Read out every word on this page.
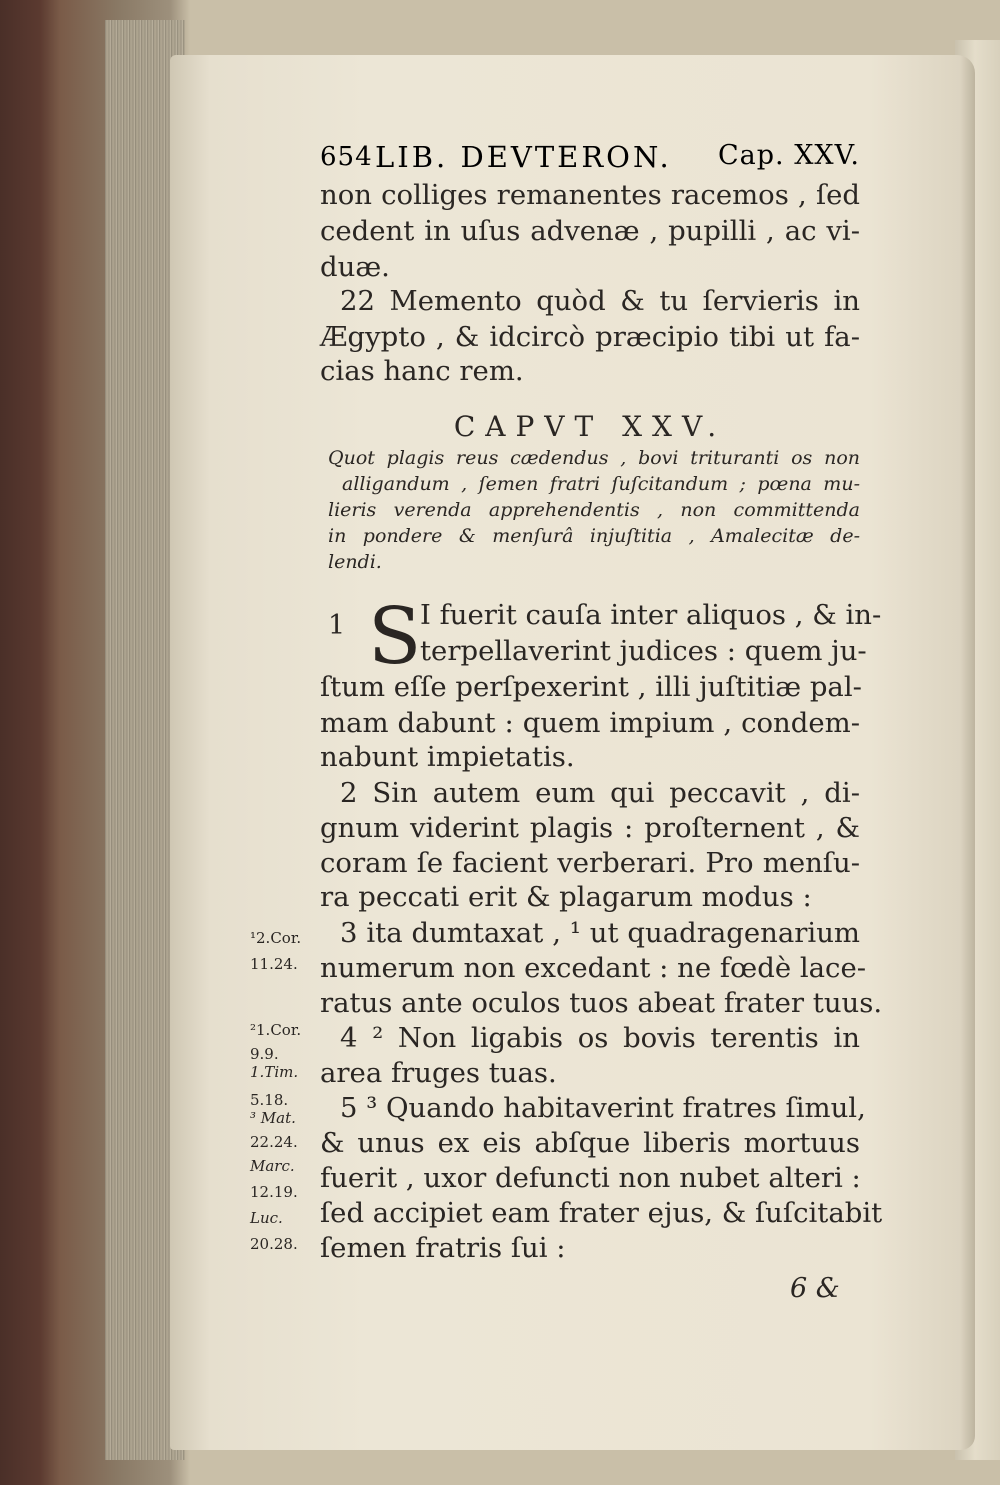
654 LIB. DEVTERON. Cap. XXV.
non colliges remanentes racemos , ſed
cedent in uſus advenæ , pupilli , ac vi-
duæ.
22 Memento quòd & tu ſervieris in
Ægypto , & idcircò præcipio tibi ut fa-
cias hanc rem.
CAPVT XXV.
Quot plagis reus cædendus , bovi trituranti os non
alligandum , ſemen fratri ſuſcitandum ; pœna mu-
lieris verenda apprehendentis , non committenda
in pondere & menſurâ injuſtitia , Amalecitæ de-
lendi.
1 S
I fuerit cauſa inter aliquos , & in-
terpellaverint judices : quem ju-
ſtum eſſe perſpexerint , illi juſtitiæ pal-
mam dabunt : quem impium , condem-
nabunt impietatis.
2 Sin autem eum qui peccavit , di-
gnum viderint plagis : proſternent , &
coram ſe facient verberari. Pro menſu-
ra peccati erit & plagarum modus :
3 ita dumtaxat , ¹ ut quadragenarium
numerum non excedant : ne fœdè lace-
ratus ante oculos tuos abeat frater tuus.
4 ² Non ligabis os bovis terentis in
area fruges tuas.
5 ³ Quando habitaverint fratres ſimul,
& unus ex eis abſque liberis mortuus
fuerit , uxor defuncti non nubet alteri :
ſed accipiet eam frater ejus, & ſuſcitabit
ſemen fratris ſui :
¹2.Cor.
11.24.
²1.Cor.
9.9.
1.Tim.
5.18.
³ Mat.
22.24.
Marc.
12.19.
Luc.
20.28.
6 &
